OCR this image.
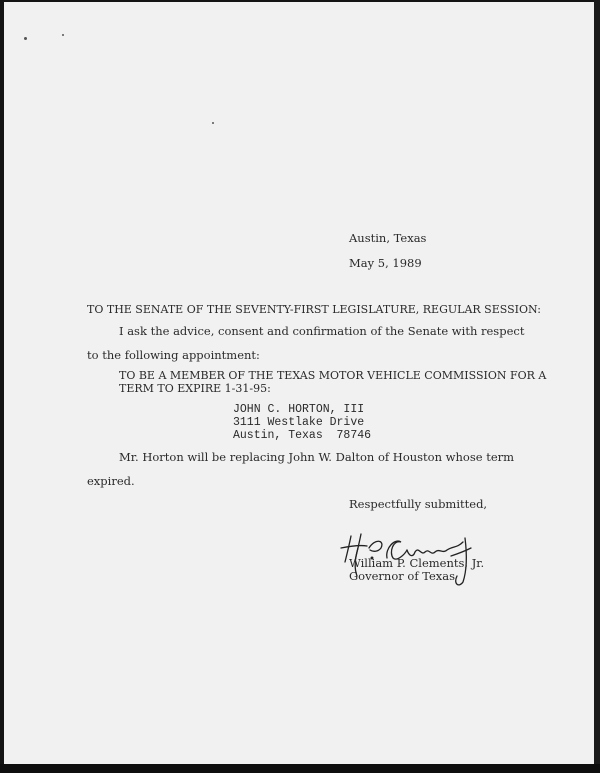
Austin, Texas

May 5, 1989

TO THE SENATE OF THE SEVENTY-FIRST LEGISLATURE, REGULAR SESSION:

I ask the advice, consent and confirmation of the Senate with respect

to the following appointment:

TO BE A MEMBER OF THE TEXAS MOTOR VEHICLE COMMISSION FOR A

TERM TO EXPIRE 1-31-95:

JOHN C. HORTON, III

3111 Westlake Drive

Austin, Texas  78746

Mr. Horton will be replacing John W. Dalton of Houston whose term

expired.

Respectfully submitted,

William P. Clements, Jr.

Governor of Texas
